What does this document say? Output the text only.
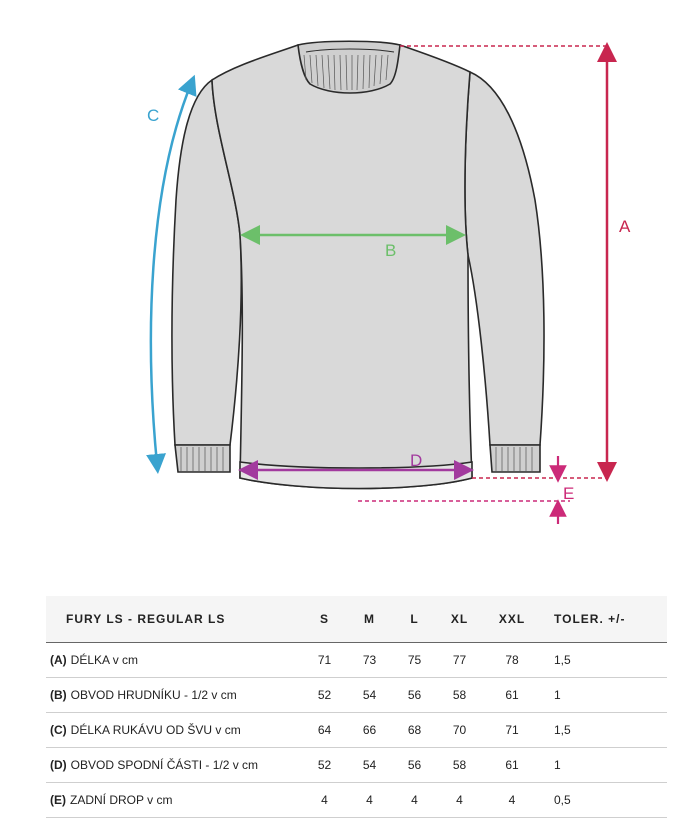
A
B
C
D
E
FURY LS - REGULAR LS	S	M	L	XL	XXL	TOLER. +/-
(A) DÉLKA v cm	71	73	75	77	78	1,5
(B) OBVOD HRUDNÍKU - 1/2 v cm	52	54	56	58	61	1
(C) DÉLKA RUKÁVU OD ŠVU v cm	64	66	68	70	71	1,5
(D) OBVOD SPODNÍ ČÁSTI - 1/2 v cm	52	54	56	58	61	1
(E) ZADNÍ DROP v cm	4	4	4	4	4	0,5
